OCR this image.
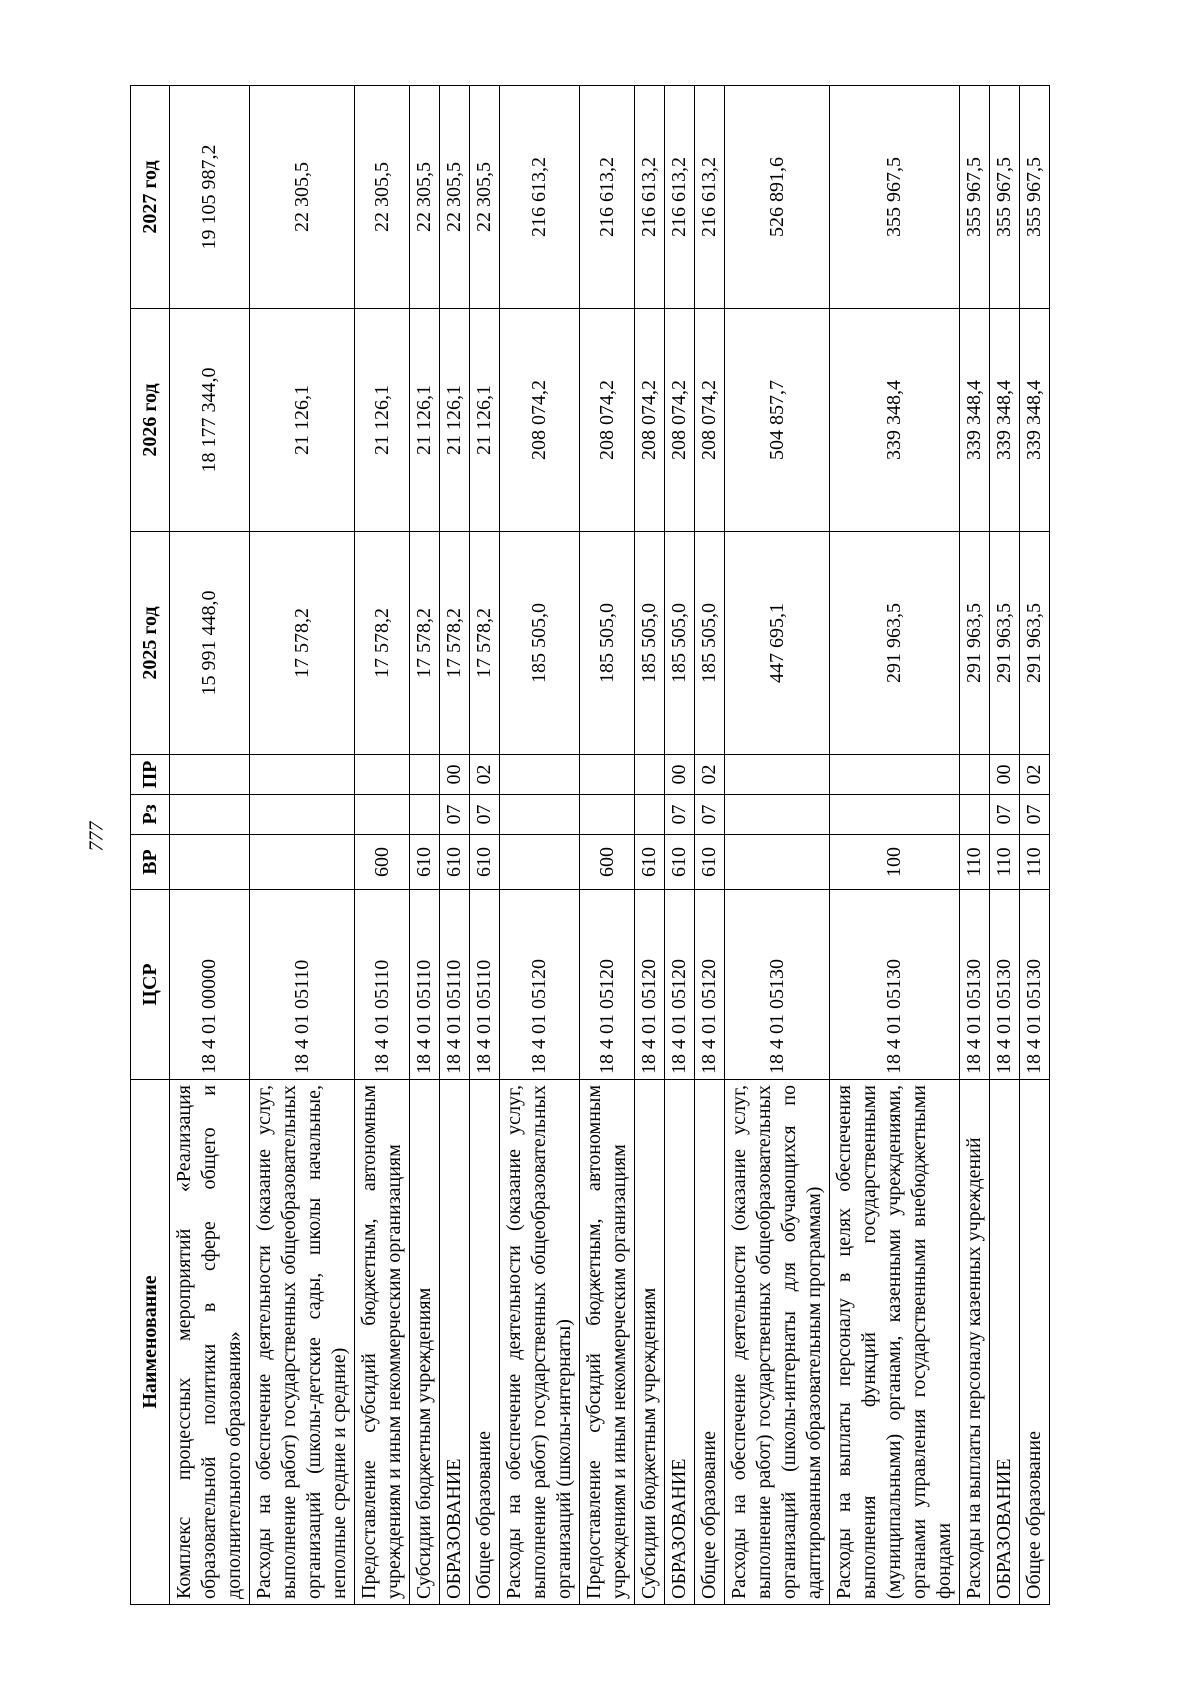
777
Наименование	ЦСР	ВР	Рз	ПР	2025 год	2026 год	2027 год
Комплекс процессных мероприятий «Реализация образовательной политики в сфере общего и дополнительного образования»	18 4 01 00000				15 991 448,0	18 177 344,0	19 105 987,2
Расходы на обеспечение деятельности (оказание услуг, выполнение работ) государственных общеобразовательных организаций (школы-детские сады, школы начальные, неполные средние и средние)	18 4 01 05110				17 578,2	21 126,1	22 305,5
Предоставление субсидий бюджетным, автономным учреждениям и иным некоммерческим организациям	18 4 01 05110	600			17 578,2	21 126,1	22 305,5
Субсидии бюджетным учреждениям	18 4 01 05110	610			17 578,2	21 126,1	22 305,5
ОБРАЗОВАНИЕ	18 4 01 05110	610	07	00	17 578,2	21 126,1	22 305,5
Общее образование	18 4 01 05110	610	07	02	17 578,2	21 126,1	22 305,5
Расходы на обеспечение деятельности (оказание услуг, выполнение работ) государственных общеобразовательных организаций (школы-интернаты)	18 4 01 05120				185 505,0	208 074,2	216 613,2
Предоставление субсидий бюджетным, автономным учреждениям и иным некоммерческим организациям	18 4 01 05120	600			185 505,0	208 074,2	216 613,2
Субсидии бюджетным учреждениям	18 4 01 05120	610			185 505,0	208 074,2	216 613,2
ОБРАЗОВАНИЕ	18 4 01 05120	610	07	00	185 505,0	208 074,2	216 613,2
Общее образование	18 4 01 05120	610	07	02	185 505,0	208 074,2	216 613,2
Расходы на обеспечение деятельности (оказание услуг, выполнение работ) государственных общеобразовательных организаций (школы-интернаты для обучающихся по адаптированным образовательным программам)	18 4 01 05130				447 695,1	504 857,7	526 891,6
Расходы на выплаты персоналу в целях обеспечения выполнения функций государственными (муниципальными) органами, казенными учреждениями, органами управления государственными внебюджетными фондами	18 4 01 05130	100			291 963,5	339 348,4	355 967,5
Расходы на выплаты персоналу казенных учреждений	18 4 01 05130	110			291 963,5	339 348,4	355 967,5
ОБРАЗОВАНИЕ	18 4 01 05130	110	07	00	291 963,5	339 348,4	355 967,5
Общее образование	18 4 01 05130	110	07	02	291 963,5	339 348,4	355 967,5
